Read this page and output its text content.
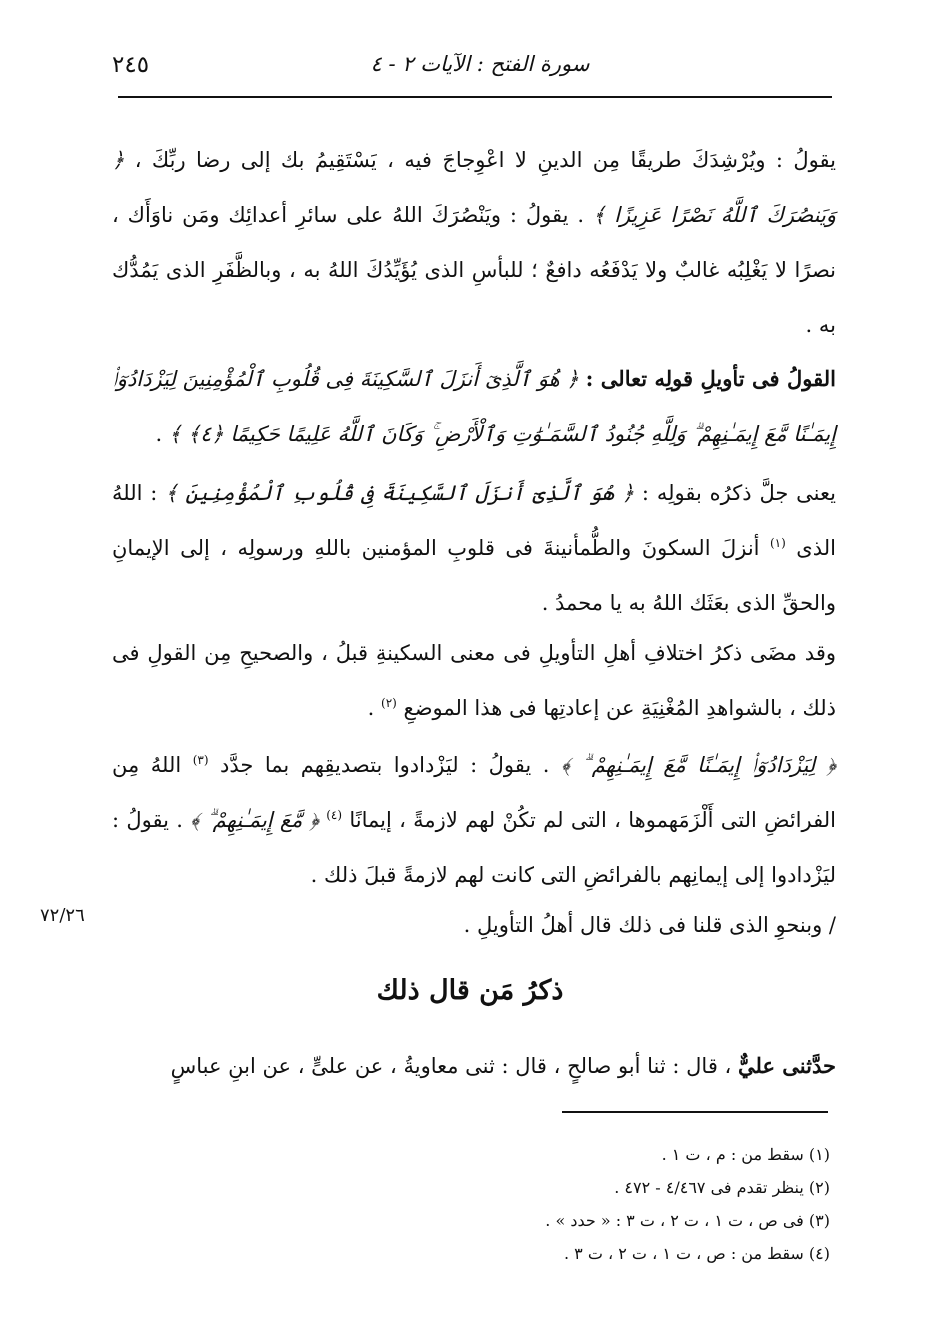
سورة الفتح : الآيات ٢ - ٤
٢٤٥

يقولُ : ويُرْشِدَكَ طريقًا مِن الدينِ لا اعْوِجاجَ فيه ، يَسْتَقِيمُ بك إلى رضا ربِّكَ ، ﴿ وَيَنصُرَكَ ٱللَّهُ نَصْرًا عَزِيزًا ﴾ . يقولُ : ويَنْصُرَكَ اللهُ على سائرِ أعدائِك ومَن ناوَأَك ، نصرًا لا يَغْلِبُه غالبٌ ولا يَدْفَعُه دافعٌ ؛ للبأسِ الذى يُؤَيِّدُكَ اللهُ به ، وبالظَّفَرِ الذى يَمُدُّك به .

القولُ فى تأويلِ قولِه تعالى : ﴿ هُوَ ٱلَّذِىٓ أَنزَلَ ٱلسَّكِينَةَ فِى قُلُوبِ ٱلْمُؤْمِنِينَ لِيَزْدَادُوٓا۟ إِيمَـٰنًا مَّعَ إِيمَـٰنِهِمْ ۗ وَلِلَّهِ جُنُودُ ٱلسَّمَـٰوَٰتِ وَٱلْأَرْضِ ۚ وَكَانَ ٱللَّهُ عَلِيمًا حَكِيمًا ﴿٤﴾ ﴾ .

يعنى جلَّ ذكرُه بقولِه : ﴿ هُوَ ٱلَّذِىٓ أَنزَلَ ٱلسَّكِينَةَ فِى قُلُوبِ ٱلْمُؤْمِنِينَ ﴾ : اللهُ الذى $^{(١)}$ أنزلَ السكونَ والطُّمأنينةَ فى قلوبِ المؤمنين باللهِ ورسولِه ، إلى الإيمانِ والحقِّ الذى بعَثَك اللهُ به يا محمدُ .

وقد مضَى ذكرُ اختلافِ أهلِ التأويلِ فى معنى السكينةِ قبلُ ، والصحيحِ مِن القولِ فى ذلك ، بالشواهدِ المُغْنِيَةِ عن إعادتِها فى هذا الموضعِ $^{(٢)}$ .

﴿ لِيَزْدَادُوٓا۟ إِيمَـٰنًا مَّعَ إِيمَـٰنِهِمْ ۗ ﴾ . يقولُ : ليَزْدادوا بتصديقِهم بما جدَّد $^{(٣)}$ اللهُ مِن الفرائضِ التى أَلْزَمَهموها ، التى لم تكُنْ لهم لازمةً ، إيمانًا $^{(٤)}$ ﴿ مَّعَ إِيمَـٰنِهِمْ ۗ ﴾ . يقولُ : ليَزْدادوا إلى إيمانِهم بالفرائضِ التى كانت لهم لازمةً قبلَ ذلك .

/ وبنحوِ الذى قلنا فى ذلك قال أهلُ التأويلِ .

٧٢/٢٦
ذكرُ مَن قال ذلك

حدَّثنى عليٌّ ، قال : ثنا أبو صالحٍ ، قال : ثنى معاويةُ ، عن علىٍّ ، عن ابنِ عباسٍ

(١) سقط من : م ، ت ١ .
(٢) ينظر تقدم فى ٤/٤٦٧ - ٤٧٢ .
(٣) فى ص ، ت ١ ، ت ٢ ، ت ٣ : « حدد » .
(٤) سقط من : ص ، ت ١ ، ت ٢ ، ت ٣ .
